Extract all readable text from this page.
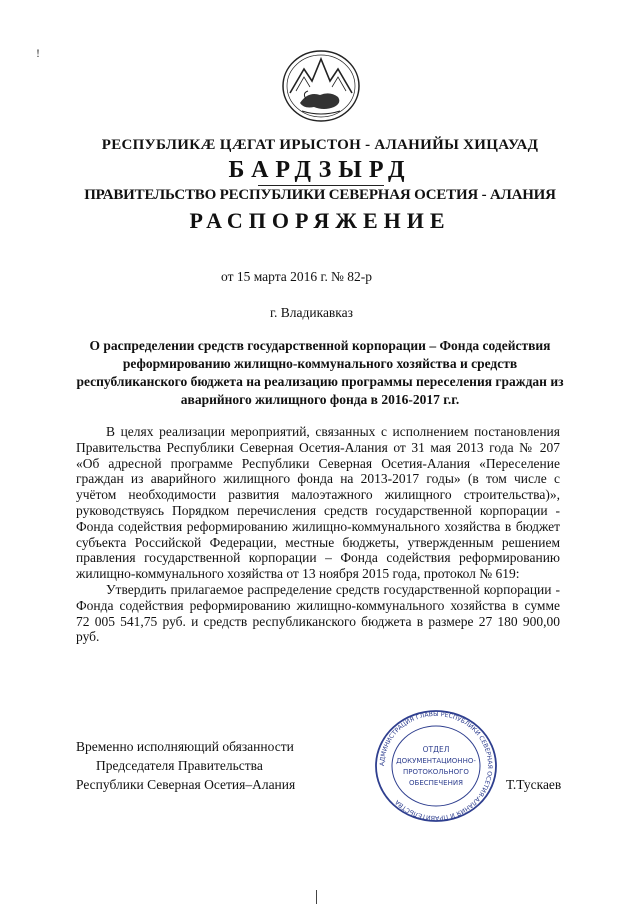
ǃ
РЕСПУБЛИКÆ ЦÆГАТ ИРЫСТОН - АЛАНИЙЫ ХИЦАУАД
БАРДЗЫРД
ПРАВИТЕЛЬСТВО РЕСПУБЛИКИ СЕВЕРНАЯ ОСЕТИЯ - АЛАНИЯ
РАСПОРЯЖЕНИЕ
от 15 марта 2016 г. № 82-р
г. Владикавказ
О распределении средств государственной корпорации – Фонда содействия реформированию жилищно-коммунального хозяйства и средств республиканского бюджета на реализацию программы переселения граждан из аварийного жилищного фонда в 2016-2017 г.г.

В целях реализации мероприятий, связанных с исполнением постановления Правительства Республики Северная Осетия-Алания от 31 мая 2013 года № 207 «Об адресной программе Республики Северная Осетия-Алания «Переселение граждан из аварийного жилищного фонда на 2013-2017 годы» (в том числе с учётом необходимости развития малоэтажного жилищного строительства)», руководствуясь Порядком перечисления средств государственной корпорации - Фонда содействия реформированию жилищно-коммунального хозяйства в бюджет субъекта Российской Федерации, местные бюджеты, утвержденным решением правления государственной корпорации – Фонда содействия реформированию жилищно-коммунального хозяйства от 13 ноября 2015 года, протокол № 619:

Утвердить прилагаемое распределение средств государственной корпорации - Фонда содействия реформированию жилищно-коммунального хозяйства в сумме 72 005 541,75 руб. и средств республиканского бюджета в размере 27 180 900,00 руб.

АДМИНИСТРАЦИЯ ГЛАВЫ РЕСПУБЛИКИ СЕВЕРНАЯ ОСЕТИЯ-АЛАНИЯ И ПРАВИТЕЛЬСТВА
ОТДЕЛ
ДОКУМЕНТАЦИОННО-
ПРОТОКОЛЬНОГО
ОБЕСПЕЧЕНИЯ
Временно исполняющий обязанности
Председателя Правительства
Республики Северная Осетия–Алания	Т.Тускаев
